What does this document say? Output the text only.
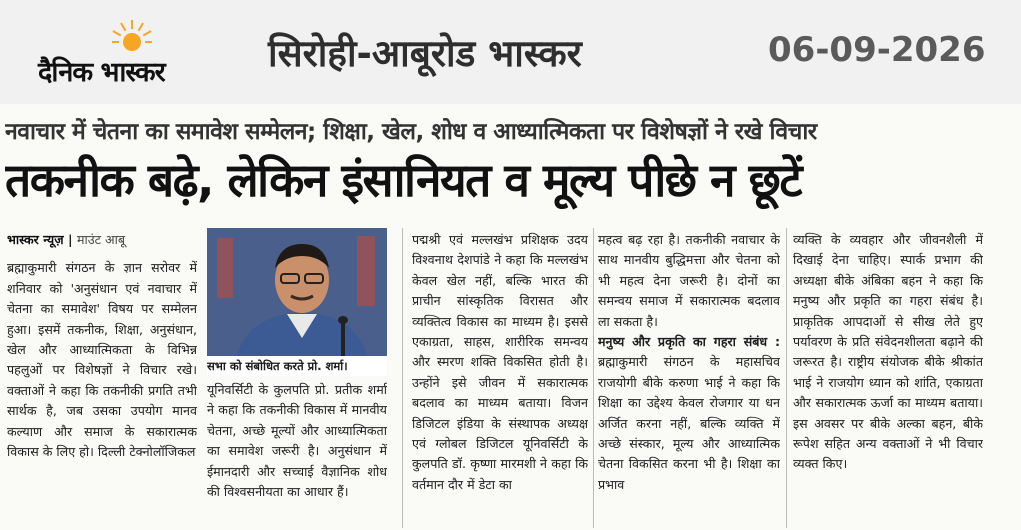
दैनिक भास्कर	सिरोही-आबूरोड भास्कर	06-09-2026
नवाचार में चेतना का समावेश सम्मेलन; शिक्षा, खेल, शोध व आध्यात्मिकता पर विशेषज्ञों ने रखे विचार
तकनीक बढ़े, लेकिन इंसानियत व मूल्य पीछे न छूटें
भास्कर न्यूज़ | माउंट आबू

ब्रह्माकुमारी संगठन के ज्ञान सरोवर में शनिवार को 'अनुसंधान एवं नवाचार में चेतना का समावेश' विषय पर सम्मेलन हुआ। इसमें तकनीक, शिक्षा, अनुसंधान, खेल और आध्यात्मिकता के विभिन्न पहलुओं पर विशेषज्ञों ने विचार रखे। वक्ताओं ने कहा कि तकनीकी प्रगति तभी सार्थक है, जब उसका उपयोग मानव कल्याण और समाज के सकारात्मक विकास के लिए हो। दिल्ली टेक्नोलॉजिकल

सभा को संबोधित करते प्रो. शर्मा।

यूनिवर्सिटी के कुलपति प्रो. प्रतीक शर्मा ने कहा कि तकनीकी विकास में मानवीय चेतना, अच्छे मूल्यों और आध्यात्मिकता का समावेश जरूरी है। अनुसंधान में ईमानदारी और सच्चाई वैज्ञानिक शोध की विश्वसनीयता का आधार हैं।

पद्मश्री एवं मल्लखंभ प्रशिक्षक उदय विश्वनाथ देशपांडे ने कहा कि मल्लखंभ केवल खेल नहीं, बल्कि भारत की प्राचीन सांस्कृतिक विरासत और व्यक्तित्व विकास का माध्यम है। इससे एकाग्रता, साहस, शारीरिक समन्वय और स्मरण शक्ति विकसित होती है। उन्होंने इसे जीवन में सकारात्मक बदलाव का माध्यम बताया। विजन डिजिटल इंडिया के संस्थापक अध्यक्ष एवं ग्लोबल डिजिटल यूनिवर्सिटी के कुलपति डॉ. कृष्णा मारमशी ने कहा कि वर्तमान दौर में डेटा का

महत्व बढ़ रहा है। तकनीकी नवाचार के साथ मानवीय बुद्धिमत्ता और चेतना को भी महत्व देना जरूरी है। दोनों का समन्वय समाज में सकारात्मक बदलाव ला सकता है।

मनुष्य और प्रकृति का गहरा संबंध : ब्रह्माकुमारी संगठन के महासचिव राजयोगी बीके करुणा भाई ने कहा कि शिक्षा का उद्देश्य केवल रोजगार या धन अर्जित करना नहीं, बल्कि व्यक्ति में अच्छे संस्कार, मूल्य और आध्यात्मिक चेतना विकसित करना भी है। शिक्षा का प्रभाव

व्यक्ति के व्यवहार और जीवनशैली में दिखाई देना चाहिए। स्पार्क प्रभाग की अध्यक्षा बीके अंबिका बहन ने कहा कि मनुष्य और प्रकृति का गहरा संबंध है। प्राकृतिक आपदाओं से सीख लेते हुए पर्यावरण के प्रति संवेदनशीलता बढ़ाने की जरूरत है। राष्ट्रीय संयोजक बीके श्रीकांत भाई ने राजयोग ध्यान को शांति, एकाग्रता और सकारात्मक ऊर्जा का माध्यम बताया। इस अवसर पर बीके अल्का बहन, बीके रूपेश सहित अन्य वक्ताओं ने भी विचार व्यक्त किए।
